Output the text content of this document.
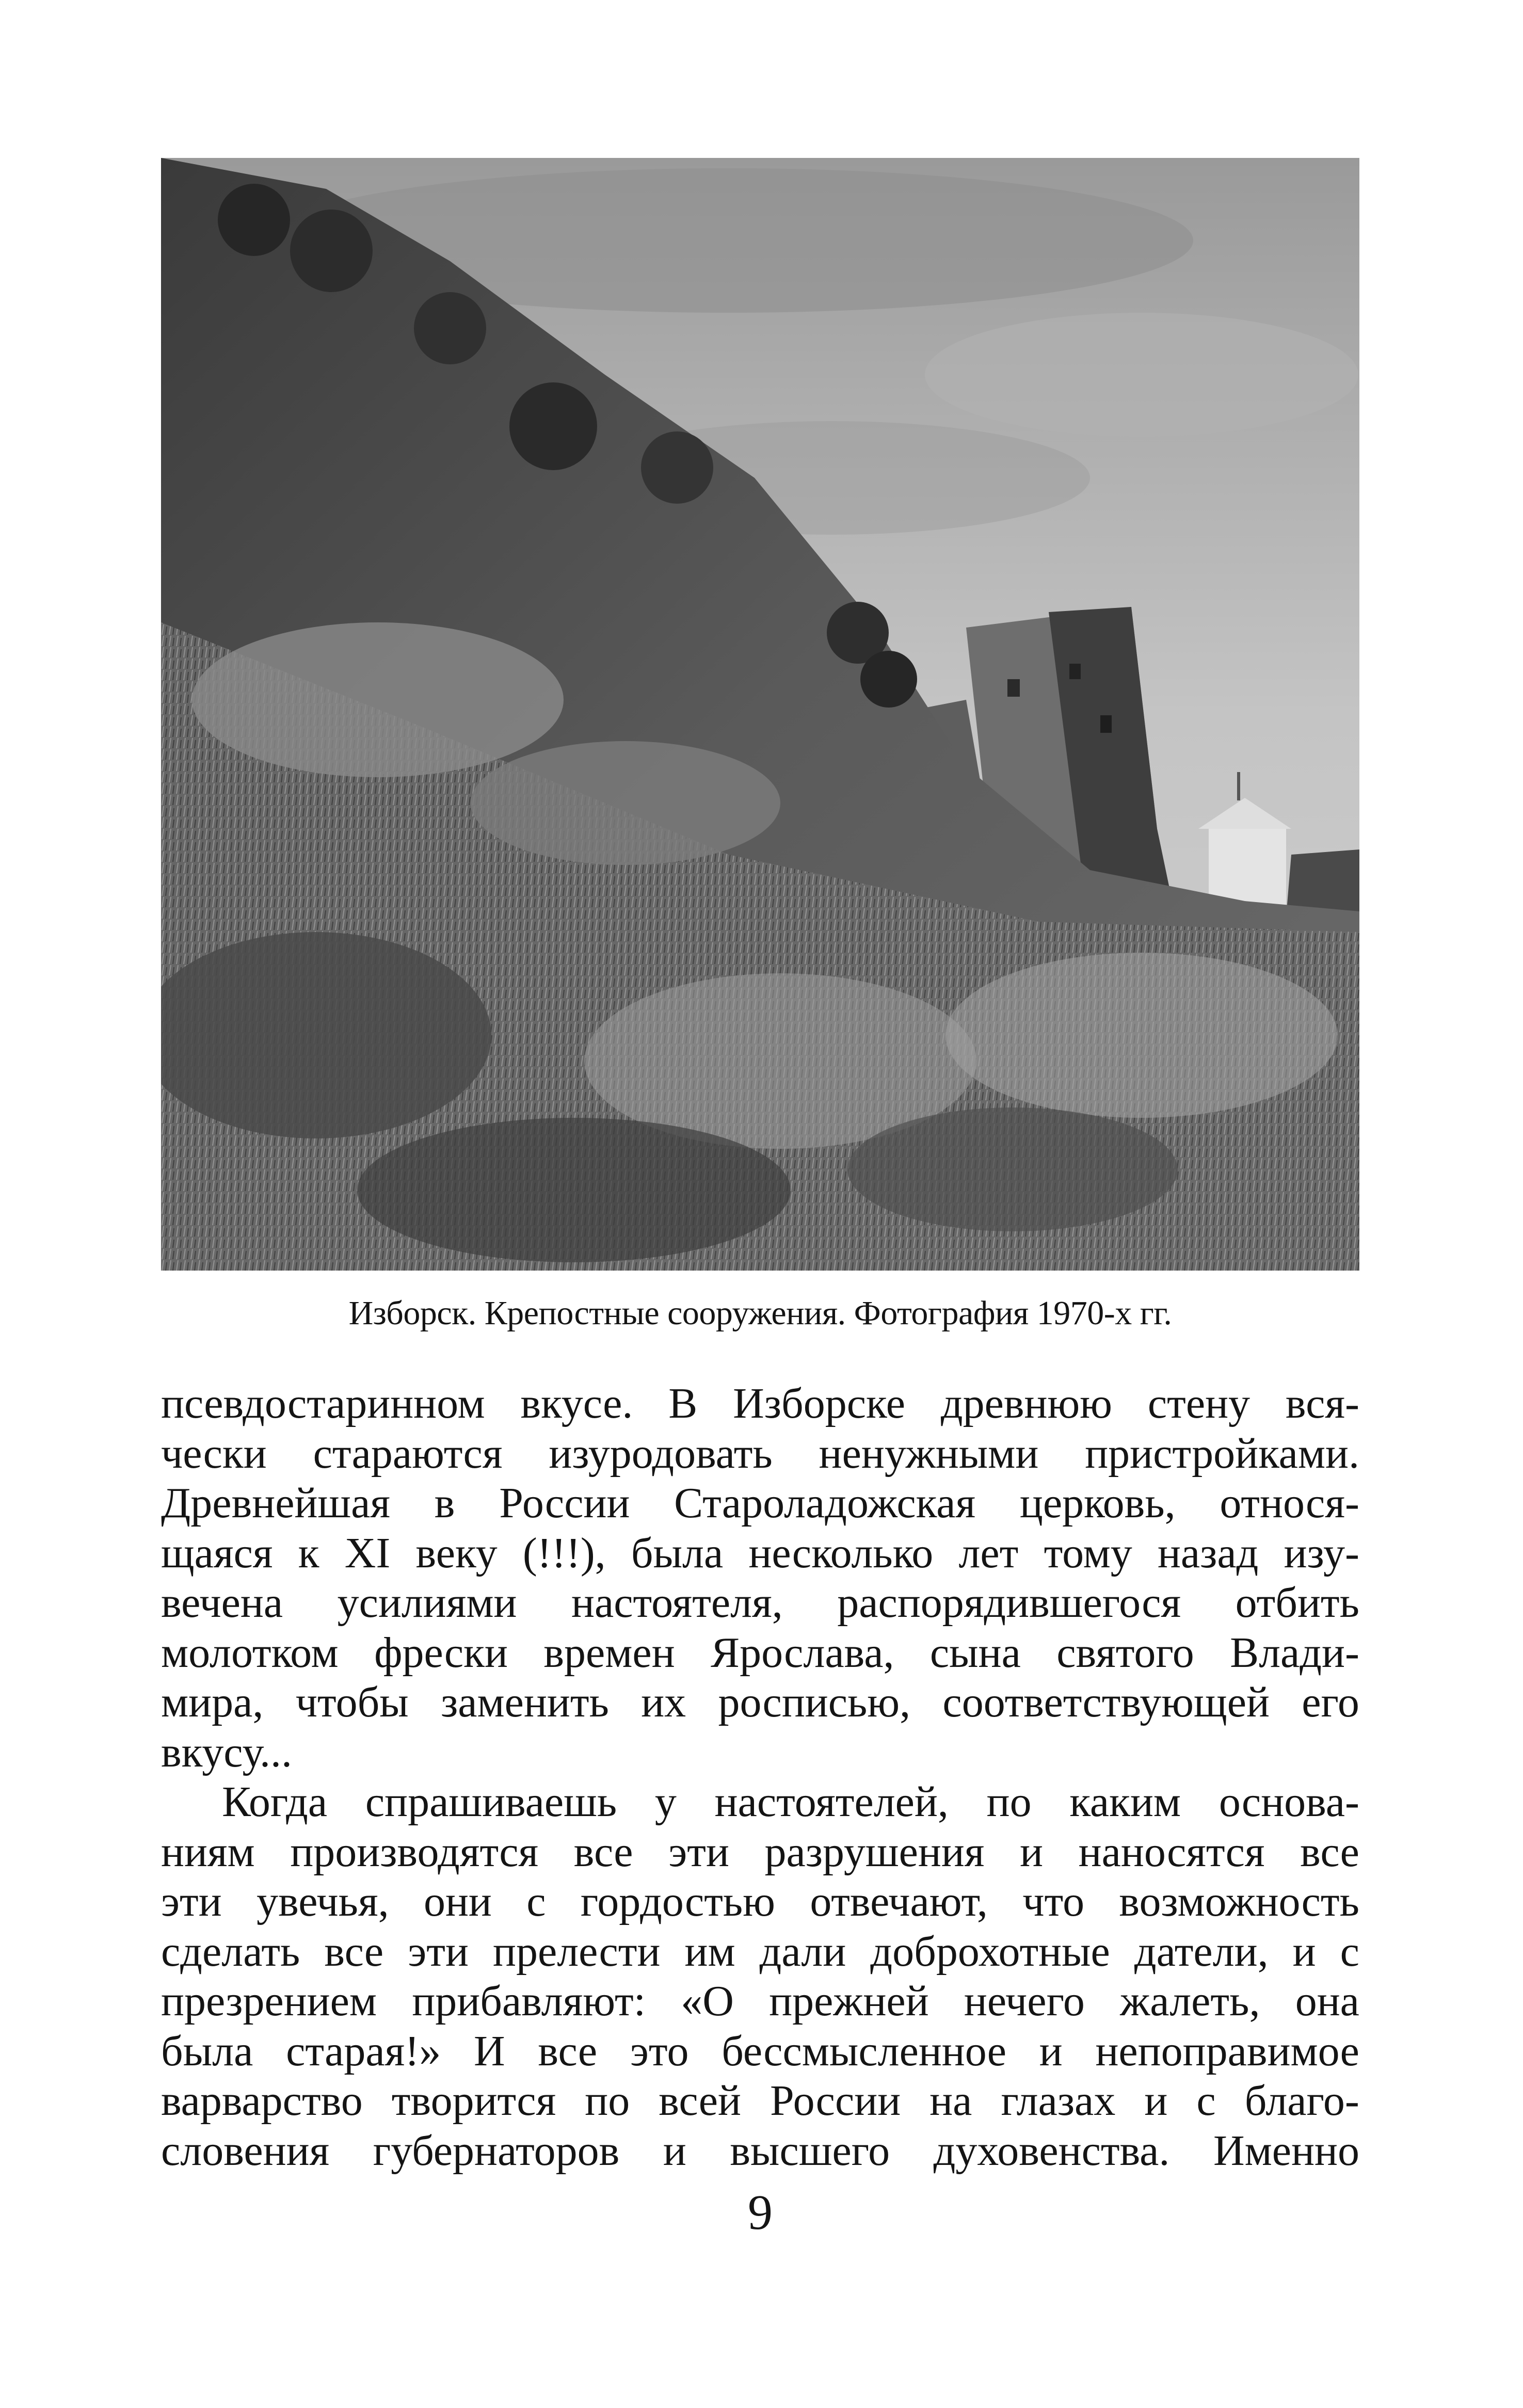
Изборск. Крепостные сооружения. Фотография 1970-х гг.
псевдостаринном вкусе. В Изборске древнюю стену вся-
чески стараются изуродовать ненужными пристройками.
Древнейшая в России Староладожская церковь, относя-
щаяся к XI веку (!!!), была несколько лет тому назад изу-
вечена усилиями настоятеля, распорядившегося отбить
молотком фрески времен Ярослава, сына святого Влади-
мира, чтобы заменить их росписью, соответствующей его
вкусу...
Когда спрашиваешь у настоятелей, по каким основа-
ниям производятся все эти разрушения и наносятся все
эти увечья, они с гордостью отвечают, что возможность
сделать все эти прелести им дали доброхотные датели, и с
презрением прибавляют: «О прежней нечего жалеть, она
была старая!» И все это бессмысленное и непоправимое
варварство творится по всей России на глазах и с благо-
словения губернаторов и высшего духовенства. Именно
9
